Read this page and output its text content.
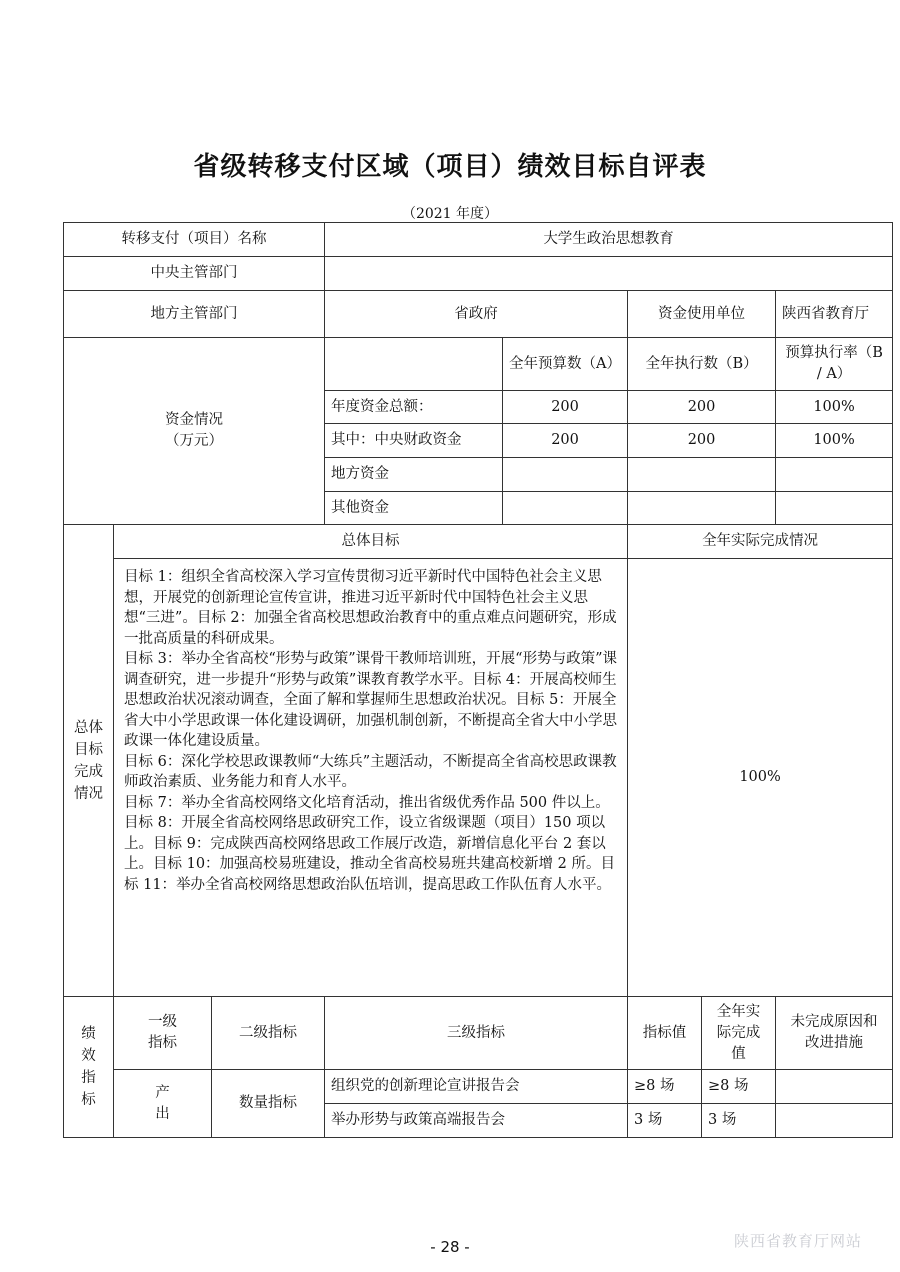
省级转移支付区域（项目）绩效目标自评表
（2021 年度）
转移支付（项目）名称			大学生政治思想教育				
中央主管部门							
地方主管部门			省政府		资金使用单位		陕西省教育厅

资金情况
（万元）				全年预算数（A）	全年执行数（B）		预算执行率（B / A）
			年度资金总额：	200	200		100%
			其中：中央财政资金	200	200		100%
			地方资金				
			其他资金				

总体目标完成情况	总体目标				全年实际完成情况		

	目标 1：组织全省高校深入学习宣传贯彻习近平新时代中国特色社会主义思想，开展党的创新理论宣传宣讲，推进习近平新时代中国特色社会主义思想“三进”。目标 2：加强全省高校思想政治教育中的重点难点问题研究，形成一批高质量的科研成果。
目标 3：举办全省高校“形势与政策”课骨干教师培训班，开展“形势与政策”课调查研究，进一步提升“形势与政策”课教育教学水平。目标 4：开展高校师生思想政治状况滚动调查，全面了解和掌握师生思想政治状况。目标 5：开展全省大中小学思政课一体化建设调研，加强机制创新，不断提高全省大中小学思政课一体化建设质量。
目标 6：深化学校思政课教师“大练兵”主题活动，不断提高全省高校思政课教师政治素质、业务能力和育人水平。
目标 7：举办全省高校网络文化培育活动，推出省级优秀作品 500 件以上。
目标 8：开展全省高校网络思政研究工作，设立省级课题（项目）150 项以上。目标 9：完成陕西高校网络思政工作展厅改造，新增信息化平台 2 套以上。目标 10：加强高校易班建设，推动全省高校易班共建高校新增 2 所。目标 11：举办全省高校网络思想政治队伍培训，提高思政工作队伍育人水平。				100%		

绩效指标	一级指标	二级指标	三级指标		指标值	全年实际完成值	未完成原因和改进措施

	产出	数量指标	组织党的创新理论宣讲报告会		≥8 场	≥8 场	
			举办形势与政策高端报告会		3 场	3 场	
- 28 -	陕西省教育厅网站
